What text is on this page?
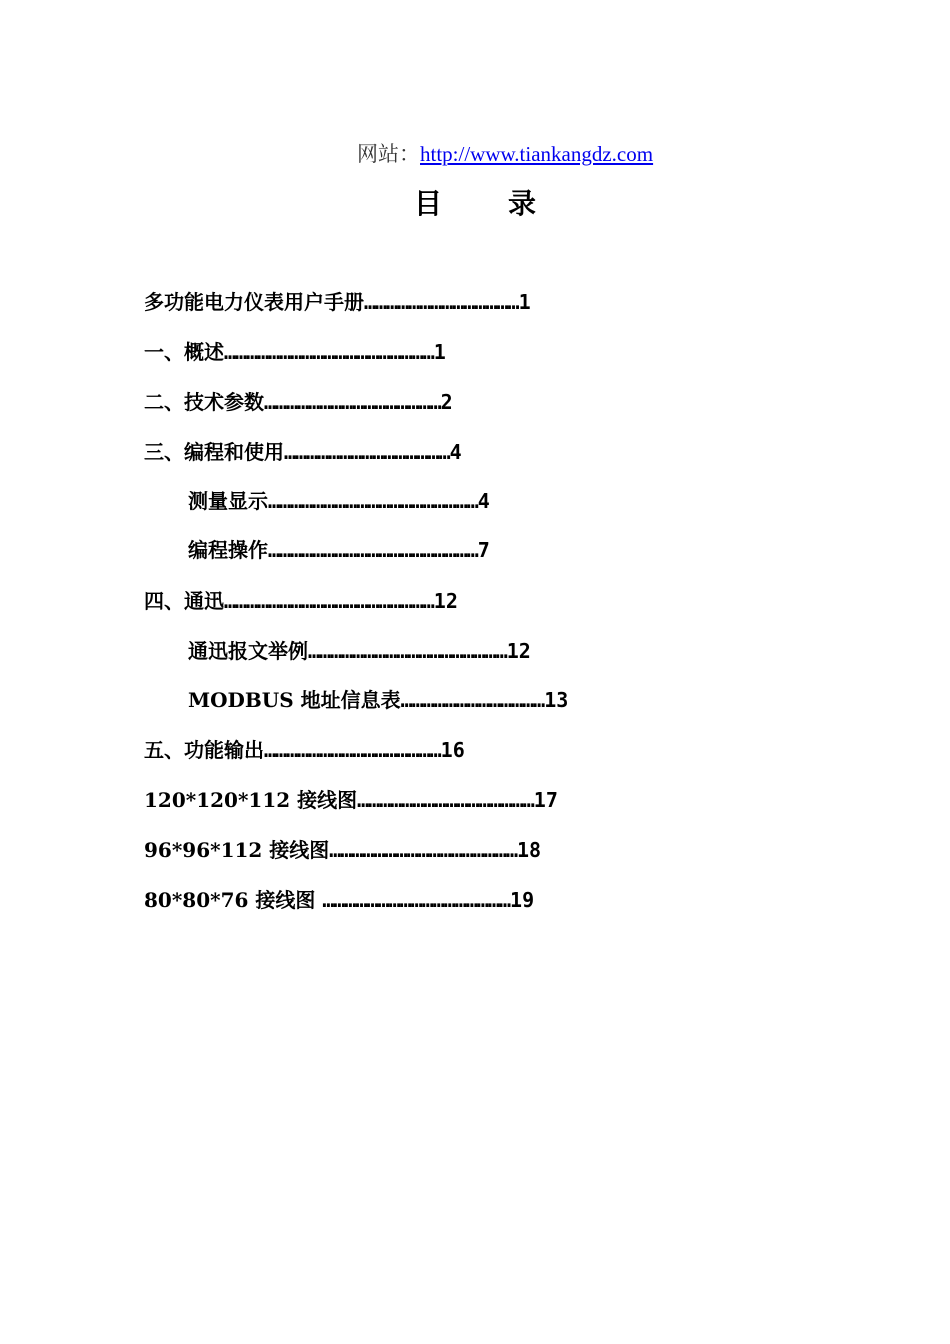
网站：http://www.tiankangdz.com
目 录
多功能电力仪表用户手册……………………………………1
一、概述…………………………………………………1
二、技术参数…………………………………………2
三、编程和使用………………………………………4
测量显示…………………………………………………4
编程操作…………………………………………………7
四、通迅…………………………………………………12
通迅报文举例………………………………………………12
MODBUS 地址信息表…………………………………13
五、功能输出…………………………………………16
120*120*112 接线图…………………………………………17
96*96*112 接线图……………………………………………18
80*80*76 接线图 ……………………………………………19
